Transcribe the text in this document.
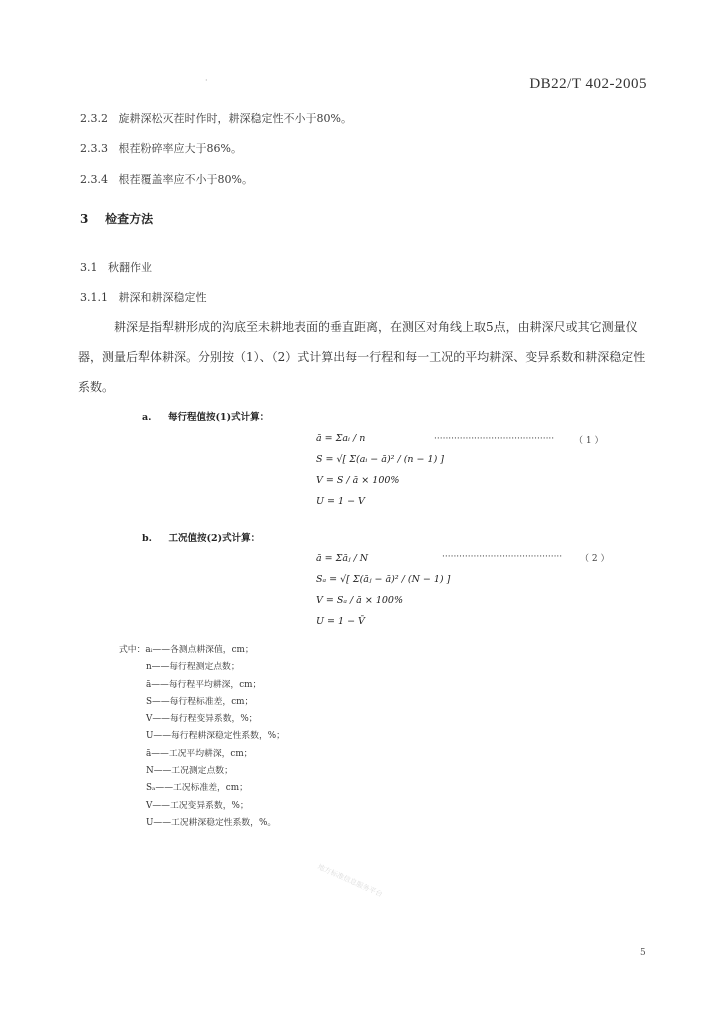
·	DB22/T 402-2005
2.3.2 旋耕深松灭茬时作时，耕深稳定性不小于80%。
2.3.3 根茬粉碎率应大于86%。
2.3.4 根茬覆盖率应不小于80%。
3 检查方法
3.1 秋翻作业
3.1.1 耕深和耕深稳定性

耕深是指犁耕形成的沟底至未耕地表面的垂直距离，在测区对角线上取5点，由耕深尺或其它测量仪器，测量后犁体耕深。分别按（1）、（2）式计算出每一行程和每一工况的平均耕深、变异系数和耕深稳定性系数。

a. 每行程值按(1)式计算：
ā = Σaᵢ / n
S = √[ Σ(aᵢ − ā)² / (n − 1) ]
V = S / ā × 100%
U = 1 − V
·········································· （ 1 ）
b. 工况值按(2)式计算：
ā = Σāⱼ / N
Sₐ = √[ Σ(āⱼ − ā)² / (N − 1) ]
V = Sₐ / ā × 100%
U = 1 − V̄
·········································· （ 2 ）
式中：aᵢ——各测点耕深值，cm；
n——每行程测定点数；
ā——每行程平均耕深，cm；
S——每行程标准差，cm；
V——每行程变异系数，%；
U——每行程耕深稳定性系数，%；
ā——工况平均耕深，cm；
N——工况测定点数；
Sₐ——工况标准差，cm；
V——工况变异系数，%；
U——工况耕深稳定性系数，%。
地方标准信息服务平台
5
